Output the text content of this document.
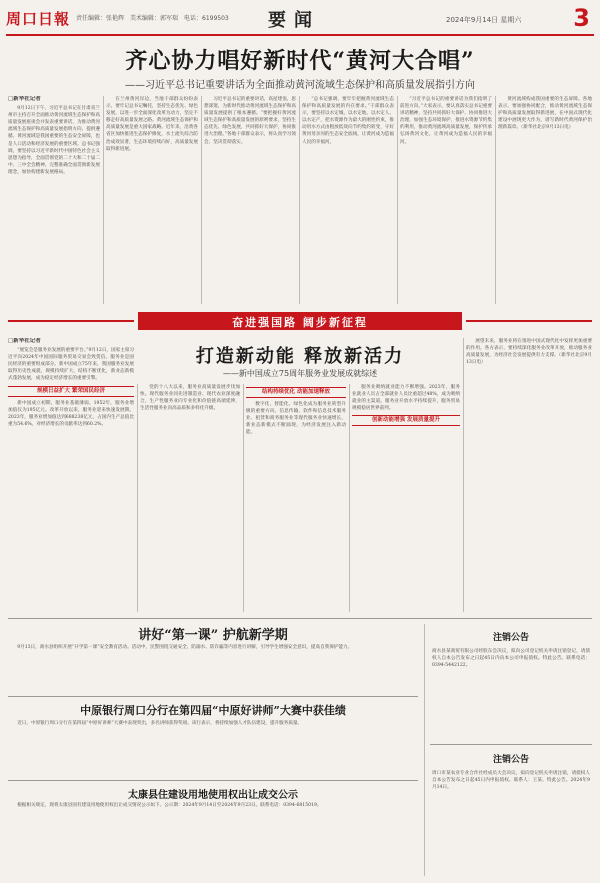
周口日報 责任编辑：张艳辉　美术编辑：郭军瑞　电话：6199503 要闻	2024年9月14日 星期六 3
齐心协力唱好新时代“黄河大合唱”
——习近平总书记重要讲话为全面推动黄河流域生态保护和高质量发展指引方向
□新华社记者

9月12日下午，习近平总书记在甘肃省兰州市主持召开全面推动黄河流域生态保护和高质量发展座谈会并发表重要讲话，为推动黄河流域生态保护和高质量发展指明方向、提供遵循。黄河流域是我国重要的生态安全屏障，也是人口活动和经济发展的重要区域。总书记强调，要坚持以习近平新时代中国特色社会主义思想为指导，全面贯彻党的二十大和二十届二中、三中全会精神，完整准确全面贯彻新发展理念，加快构建新发展格局。

在兰州黄河岸边，当地干部群众纷纷表示，要牢记总书记嘱托，坚持生态优先、绿色发展，以进一步全面深化改革为动力，坚定不移走好高质量发展之路。黄河流域生态保护和高质量发展是重大国家战略。近年来，沿黄各省区加快推进生态保护修复，水土流失综合防治成效显著，生态环境持续向好，高质量发展取得新进展。

习近平总书记的重要讲话，高屋建瓴、思想深邃，为新时代推动黄河流域生态保护和高质量发展提供了根本遵循。“要把握好黄河流域生态保护和高质量发展的原则要求，坚持生态优先、绿色发展，共同抓好大保护，协同推进大治理。”各地干部群众表示，将认真学习领会、坚决贯彻落实。

“总书记强调，要牢牢把握黄河流域生态保护和高质量发展的内在要求。”干部群众表示，要坚持以水定城、以水定地、以水定人、以水定产，把水资源作为最大的刚性约束，推动用水方式由粗放低效向节约集约转变，守好黄河母亲河的生态安全底线，让黄河成为造福人民的幸福河。

“习近平总书记的重要讲话为我们指明了前进方向。”大家表示，要认真落实总书记重要讲话精神，坚持共同抓好大保护、协同推进大治理，加强生态环境保护，推进水资源节约集约利用，推动黄河流域高质量发展，保护传承弘扬黄河文化，让黄河成为造福人民的幸福河。

黄河流域构成我国重要的生态屏障。各地表示，要加强协同配合，推动黄河流域生态保护和高质量发展取得新进展，在中国式现代化建设中展现更大作为，谱写新时代黄河保护治理新篇章。（新华社北京9月13日电）

奋进强国路 阔步新征程
打造新动能 释放新活力
——新中国成立75周年服务业发展成就综述
□新华社记者

“展览会是服务业发展的重要平台。”9月12日，国家主席习近平向2024年中国国际服务贸易交易会致贺信。服务业是国民经济的重要组成部分。新中国成立75年来，我国服务业发展取得历史性成就，规模持续扩大，结构不断优化，新业态新模式蓬勃发展，成为稳定经济增长的重要引擎。

规模日益扩大 繁荣国民经济

新中国成立初期，服务业基础薄弱。1952年，服务业增加值仅为195亿元。改革开放以来，服务业迎来快速发展期。2023年，服务业增加值达到688238亿元，占国内生产总值比重为54.6%，对经济增长的贡献率达到60.2%。

党的十八大以来，服务业高质量发展步伐加快。现代服务业同先进制造业、现代农业深度融合，生产性服务业向专业化和价值链高端延伸，生活性服务业向高品质和多样化升级。

结构持续优化 动能加速释放

数字化、智能化、绿色化成为服务业转型升级的重要方向。信息传输、软件和信息技术服务业、租赁和商务服务业等现代服务业快速增长，新业态新模式不断涌现，为经济发展注入新动能。

服务业吸纳就业能力不断增强。2023年，服务业就业人员占全部就业人员比重超过48%，成为吸纳就业的主渠道。服务业开放水平持续提升，服务贸易规模稳居世界前列。

创新动能增强 发展质量提升

展望未来，服务业将在推进中国式现代化中发挥更加重要的作用。各方表示，要持续深化服务业改革开放，推动服务业高质量发展，为经济社会发展提供有力支撑。（新华社北京9月13日电）

讲好“第一课” 护航新学期

9月13日，商水县组织开展“开学第一课”安全教育活动。活动中，民警围绕交通安全、防溺水、防诈骗等内容进行讲解，引导学生增强安全意识，提高自我保护能力。

中原银行周口分行在第四届“中原好讲师”大赛中获佳绩

近日，中原银行周口分行在第四届“中原好讲师”大赛中表现突出，多名讲师获得奖项。该行表示，将持续加强人才队伍建设，提升服务质量。

太康县住建设用地使用权出让成交公示

根据相关规定，现将太康县国有建设用地使用权出让成交情况公示如下。公示期：2024年9月14日至2024年9月23日。联系电话：0394-6815019。

注销公告

商水县某商贸有限公司经股东会决议，拟向公司登记机关申请注销登记，请债权人自本公告发布之日起45日内向本公司申报债权。特此公告。联系电话：0394-5442122。

注销公告

周口市某农业专业合作社经成员大会决议，拟向登记机关申请注销，请债权人自本公告发布之日起45日内申报债权。联系人：王某。特此公告。2024年9月14日。
